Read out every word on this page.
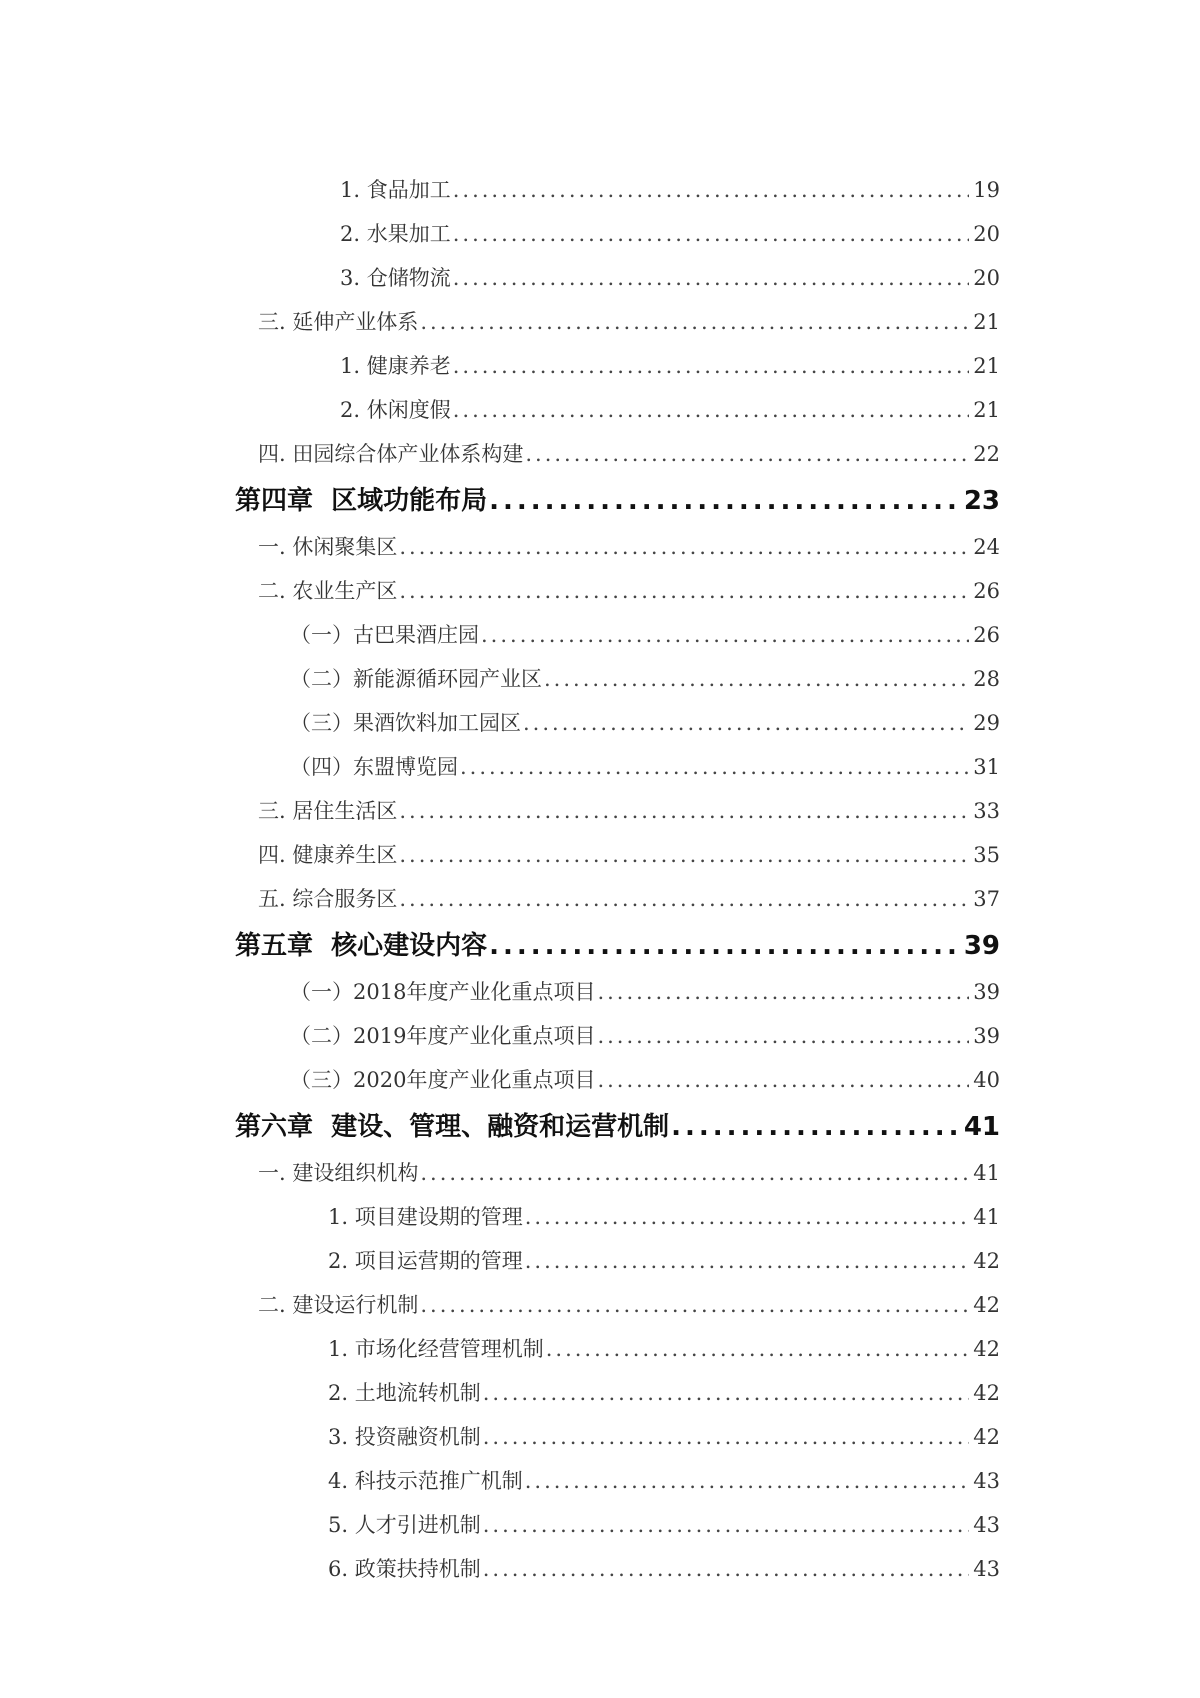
1. 食品加工 .....	19
2. 水果加工 .....	20
3. 仓储物流 .....	20
三. 延伸产业体系 .....	21
1. 健康养老 .....	21
2. 休闲度假 .....	21
四. 田园综合体产业体系构建 .....	22
第四章  区域功能布局 .....	23
一. 休闲聚集区 .....	24
二. 农业生产区 .....	26
（一）古巴果酒庄园 .....	26
（二）新能源循环园产业区 .....	28
（三）果酒饮料加工园区 .....	29
（四）东盟博览园 .....	31
三. 居住生活区 .....	33
四. 健康养生区 .....	35
五. 综合服务区 .....	37
第五章  核心建设内容 .....	39
（一）2018年度产业化重点项目 .....	39
（二）2019年度产业化重点项目 .....	39
（三）2020年度产业化重点项目 .....	40
第六章  建设、管理、融资和运营机制 .....	41
一. 建设组织机构 .....	41
1. 项目建设期的管理 .....	41
2. 项目运营期的管理 .....	42
二. 建设运行机制 .....	42
1. 市场化经营管理机制 .....	42
2. 土地流转机制 .....	42
3. 投资融资机制 .....	42
4. 科技示范推广机制 .....	43
5. 人才引进机制 .....	43
6. 政策扶持机制 .....	43
